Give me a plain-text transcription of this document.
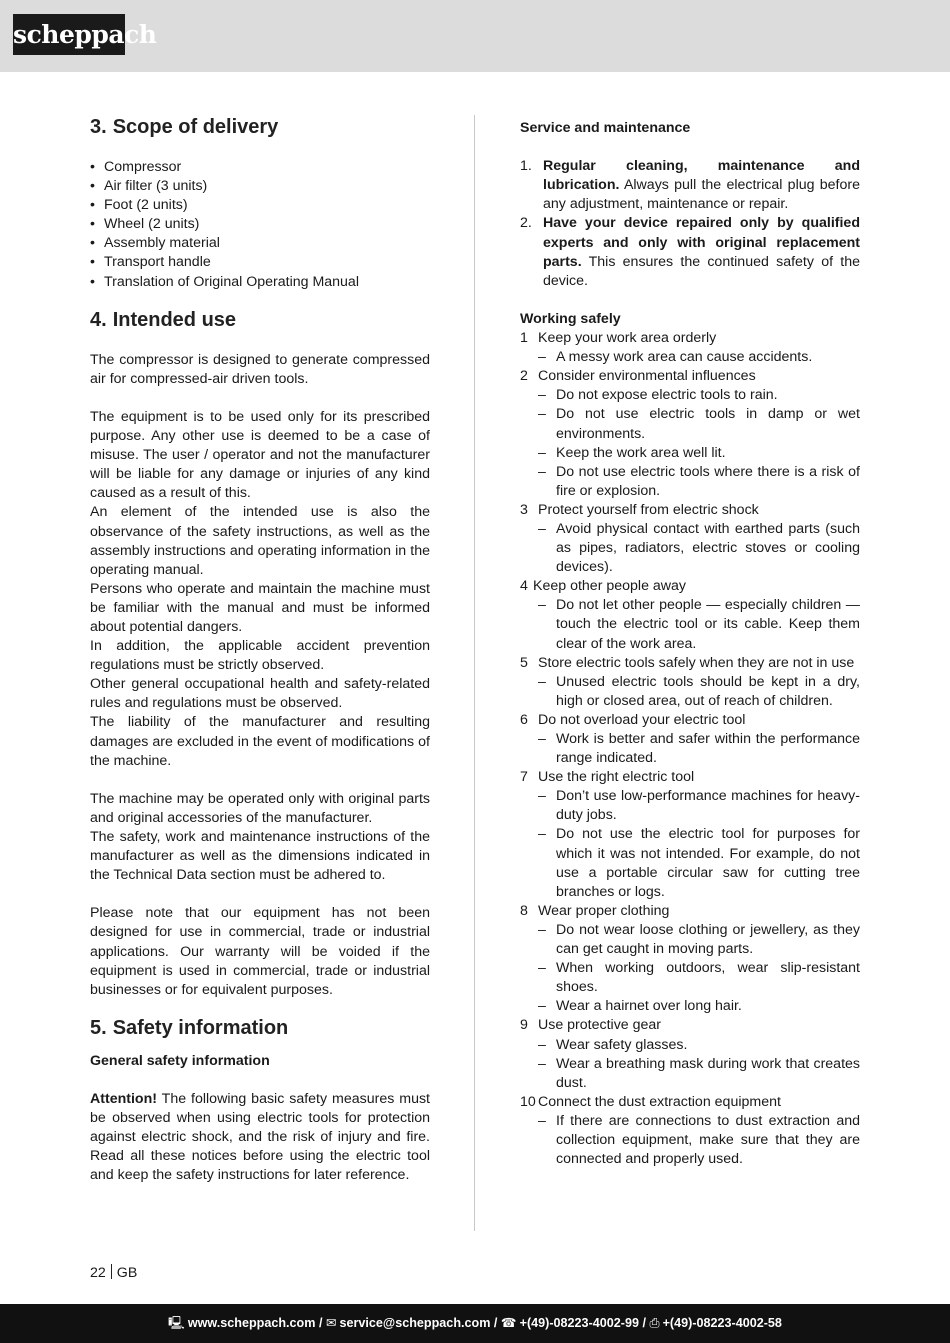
scheppach
3. Scope of delivery
• Compressor
• Air filter (3 units)
• Foot (2 units)
• Wheel (2 units)
• Assembly material
• Transport handle
• Translation of Original Operating Manual
4. Intended use

The compressor is designed to generate compressed air for compressed-air driven tools.

The equipment is to be used only for its prescribed purpose. Any other use is deemed to be a case of misuse. The user / operator and not the manufacturer will be liable for any damage or injuries of any kind caused as a result of this.

An element of the intended use is also the observance of the safety instructions, as well as the assembly instructions and operating information in the operating manual.

Persons who operate and maintain the machine must be familiar with the manual and must be informed about potential dangers.

In addition, the applicable accident prevention regulations must be strictly observed.

Other general occupational health and safety-related rules and regulations must be observed.

The liability of the manufacturer and resulting damages are excluded in the event of modifications of the machine.

The machine may be operated only with original parts and original accessories of the manufacturer.

The safety, work and maintenance instructions of the manufacturer as well as the dimensions indicated in the Technical Data section must be adhered to.

Please note that our equipment has not been designed for use in commercial, trade or industrial applications. Our warranty will be voided if the equipment is used in commercial, trade or industrial businesses or for equivalent purposes.

5. Safety information
General safety information

Attention! The following basic safety measures must be observed when using electric tools for protection against electric shock, and the risk of injury and fire. Read all these notices before using the electric tool and keep the safety instructions for later reference.

Service and maintenance
1. Regular cleaning, maintenance and lubrication. Always pull the electrical plug before any adjustment, maintenance or repair.
2. Have your device repaired only by qualified experts and only with original replacement parts. This ensures the continued safety of the device.
Working safely
1 Keep your work area orderly
– A messy work area can cause accidents.
2 Consider environmental influences
– Do not expose electric tools to rain.
– Do not use electric tools in damp or wet environments.
– Keep the work area well lit.
– Do not use electric tools where there is a risk of fire or explosion.
3 Protect yourself from electric shock
– Avoid physical contact with earthed parts (such as pipes, radiators, electric stoves or cooling devices).
4 Keep other people away
– Do not let other people — especially children — touch the electric tool or its cable. Keep them clear of the work area.
5 Store electric tools safely when they are not in use
– Unused electric tools should be kept in a dry, high or closed area, out of reach of children.
6 Do not overload your electric tool
– Work is better and safer within the performance range indicated.
7 Use the right electric tool
– Don’t use low-performance machines for heavy-duty jobs.
– Do not use the electric tool for purposes for which it was not intended. For example, do not use a portable circular saw for cutting tree branches or logs.
8 Wear proper clothing
– Do not wear loose clothing or jewellery, as they can get caught in moving parts.
– When working outdoors, wear slip-resistant shoes.
– Wear a hairnet over long hair.
9 Use protective gear
– Wear safety glasses.
– Wear a breathing mask during work that creates dust.
10 Connect the dust extraction equipment
– If there are connections to dust extraction and collection equipment, make sure that they are connected and properly used.
22 GB
🖳 www.scheppach.com / ✉ service@scheppach.com / ☎ +(49)-08223-4002-99 / ⎙ +(49)-08223-4002-58
